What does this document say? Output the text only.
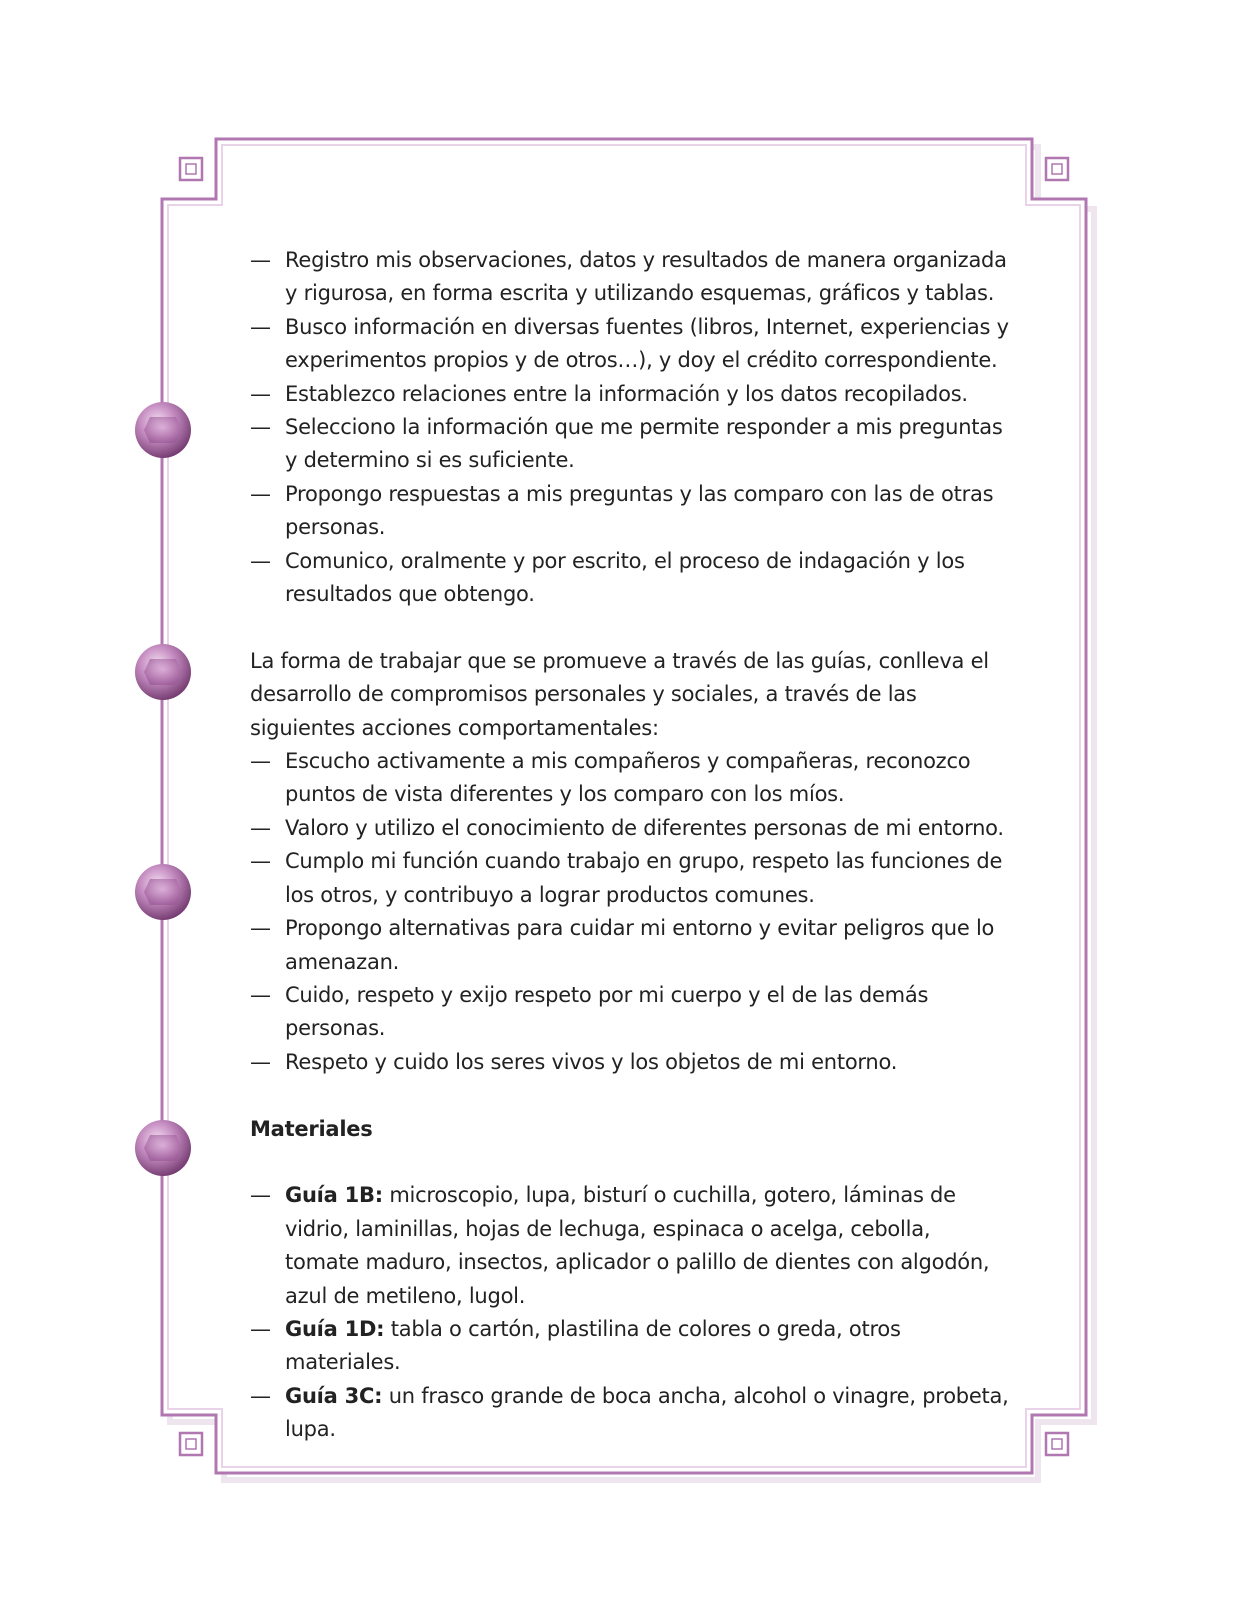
— Registro mis observaciones, datos y resultados de manera organizada y rigurosa, en forma escrita y utilizando esquemas, gráficos y tablas.
— Busco información en diversas fuentes (libros, Internet, experiencias y experimentos propios y de otros…), y doy el crédito correspondiente.
— Establezco relaciones entre la información y los datos recopilados.
— Selecciono la información que me permite responder a mis preguntas y determino si es suficiente.
— Propongo respuestas a mis preguntas y las comparo con las de otras personas.
— Comunico, oralmente y por escrito, el proceso de indagación y los resultados que obtengo.
La forma de trabajar que se promueve a través de las guías, conlleva el desarrollo de compromisos personales y sociales, a través de las siguientes acciones comportamentales:
— Escucho activamente a mis compañeros y compañeras, reconozco puntos de vista diferentes y los comparo con los míos.
— Valoro y utilizo el conocimiento de diferentes personas de mi entorno.
— Cumplo mi función cuando trabajo en grupo, respeto las funciones de los otros, y contribuyo a lograr productos comunes.
— Propongo alternativas para cuidar mi entorno y evitar peligros que lo amenazan.
— Cuido, respeto y exijo respeto por mi cuerpo y el de las demás personas.
— Respeto y cuido los seres vivos y los objetos de mi entorno.
Materiales
— Guía 1B: microscopio, lupa, bisturí o cuchilla, gotero, láminas de vidrio, laminillas, hojas de lechuga, espinaca o acelga, cebolla, tomate maduro, insectos, aplicador o palillo de dientes con algodón, azul de metileno, lugol.
— Guía 1D: tabla o cartón, plastilina de colores o greda, otros materiales.
— Guía 3C: un frasco grande de boca ancha, alcohol o vinagre, probeta, lupa.
